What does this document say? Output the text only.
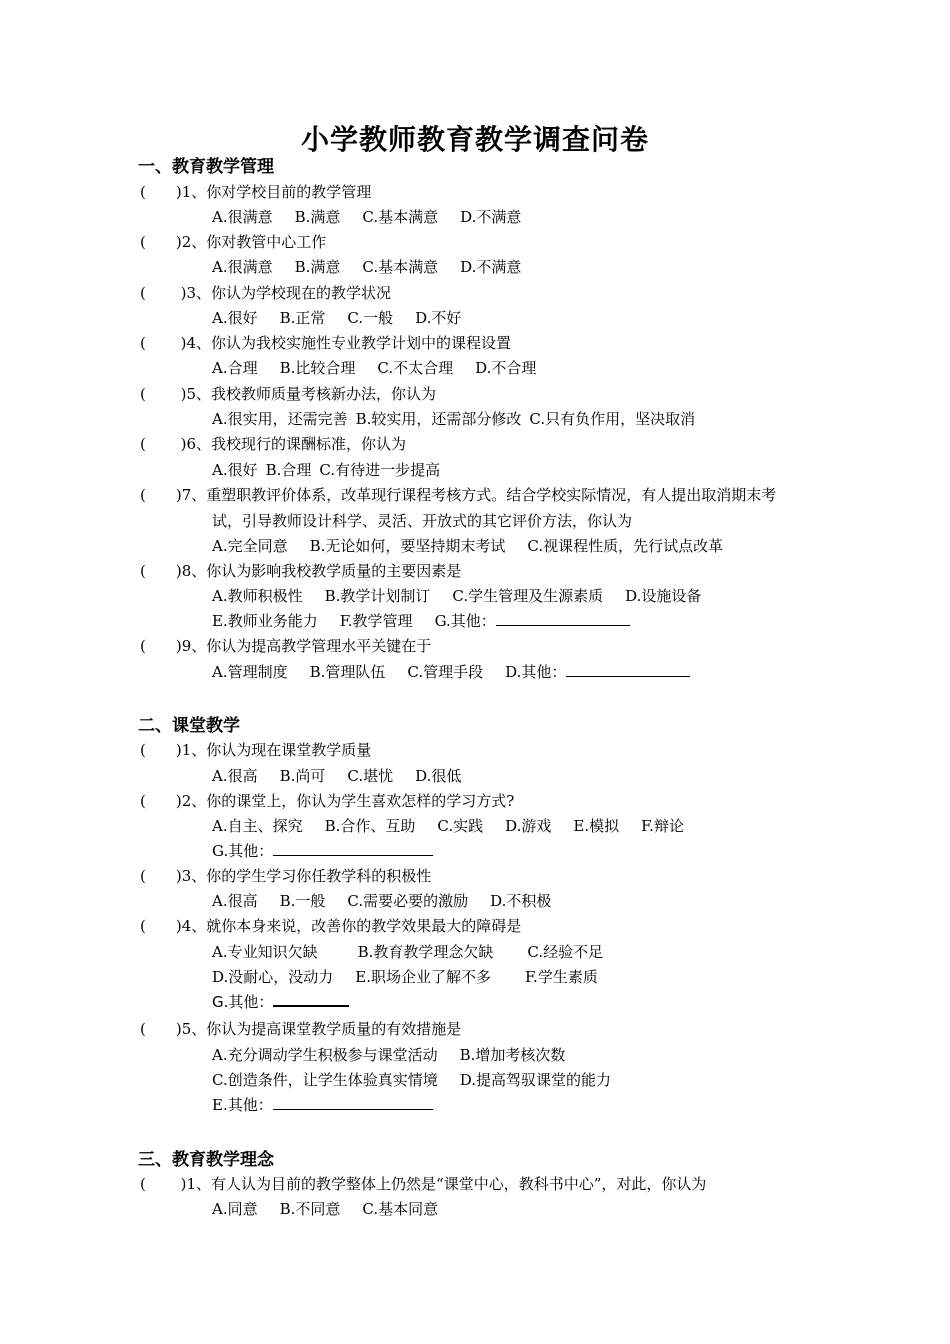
小学教师教育教学调查问卷
一、教育教学管理
(　　)1、你对学校目前的教学管理
A.很满意 B.满意 C.基本满意 D.不满意
(　　)2、你对教管中心工作
A.很满意 B.满意 C.基本满意 D.不满意
(　　 )3、你认为学校现在的教学状况
A.很好 B.正常 C.一般 D.不好
(　　 )4、你认为我校实施性专业教学计划中的课程设置
A.合理 B.比较合理 C.不太合理 D.不合理
(　　 )5、我校教师质量考核新办法，你认为
A.很实用，还需完善 B.较实用，还需部分修改 C.只有负作用，坚决取消
(　　 )6、我校现行的课酬标准，你认为
A.很好 B.合理 C.有待进一步提高
(　　)7、重塑职教评价体系，改革现行课程考核方式。结合学校实际情况，有人提出取消期末考
试，引导教师设计科学、灵活、开放式的其它评价方法，你认为
A.完全同意 B.无论如何，要坚持期末考试 C.视课程性质，先行试点改革
(　　)8、你认为影响我校教学质量的主要因素是
A.教师积极性 B.教学计划制订 C.学生管理及生源素质 D.设施设备
E.教师业务能力 F.教学管理 G.其他：
(　　)9、你认为提高教学管理水平关键在于
A.管理制度 B.管理队伍 C.管理手段 D.其他：
二、课堂教学
(　　)1、你认为现在课堂教学质量
A.很高 B.尚可 C.堪忧 D.很低
(　　)2、你的课堂上，你认为学生喜欢怎样的学习方式?
A.自主、探究 B.合作、互助 C.实践 D.游戏 E.模拟 F.辩论
G.其他：
(　　)3、你的学生学习你任教学科的积极性
A.很高 B.一般 C.需要必要的激励 D.不积极
(　　)4、就你本身来说，改善你的教学效果最大的障碍是
A.专业知识欠缺	B.教育教学理念欠缺 C.经验不足
D.没耐心，没动力 E.职场企业了解不多 F.学生素质
G.其他：
(　　)5、你认为提高课堂教学质量的有效措施是
A.充分调动学生积极参与课堂活动 B.增加考核次数
C.创造条件，让学生体验真实情境 D.提高驾驭课堂的能力
E.其他：
三、教育教学理念
(　　 )1、有人认为目前的教学整体上仍然是“课堂中心，教科书中心”，对此，你认为
A.同意 B.不同意 C.基本同意
